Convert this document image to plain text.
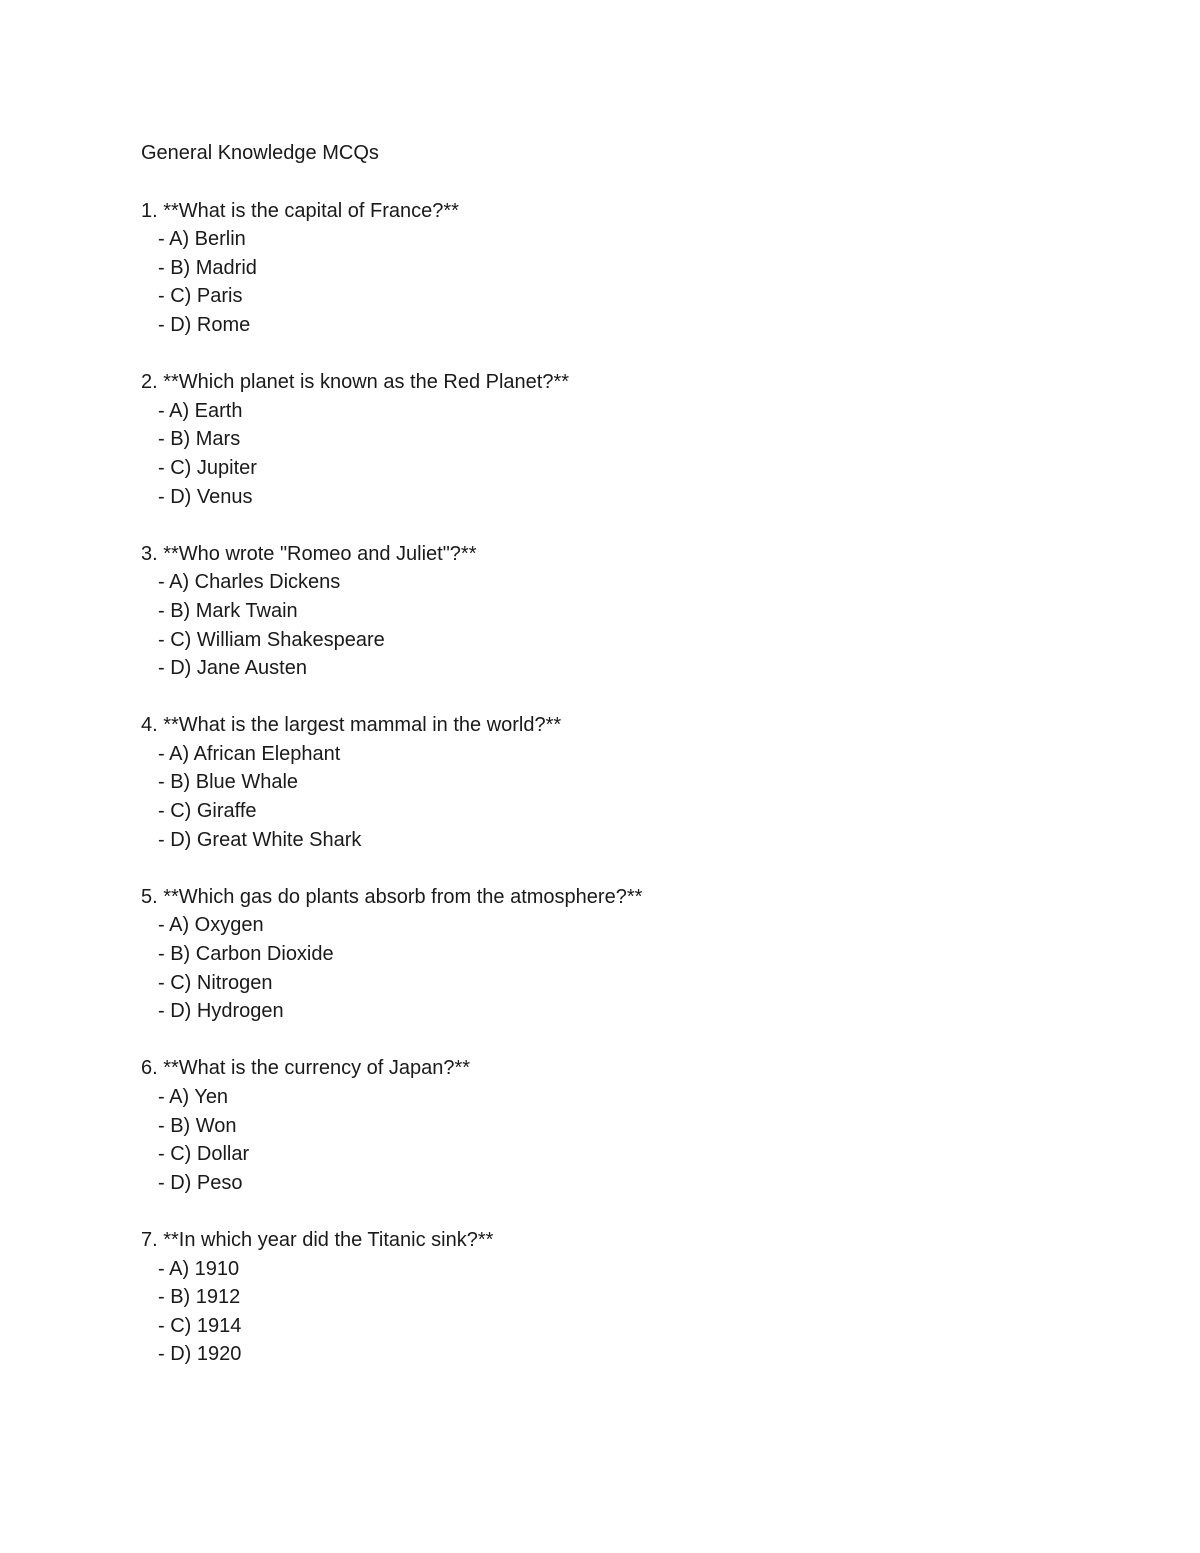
General Knowledge MCQs
1. **What is the capital of France?**
- A) Berlin
- B) Madrid
- C) Paris
- D) Rome
2. **Which planet is known as the Red Planet?**
- A) Earth
- B) Mars
- C) Jupiter
- D) Venus
3. **Who wrote "Romeo and Juliet"?**
- A) Charles Dickens
- B) Mark Twain
- C) William Shakespeare
- D) Jane Austen
4. **What is the largest mammal in the world?**
- A) African Elephant
- B) Blue Whale
- C) Giraffe
- D) Great White Shark
5. **Which gas do plants absorb from the atmosphere?**
- A) Oxygen
- B) Carbon Dioxide
- C) Nitrogen
- D) Hydrogen
6. **What is the currency of Japan?**
- A) Yen
- B) Won
- C) Dollar
- D) Peso
7. **In which year did the Titanic sink?**
- A) 1910
- B) 1912
- C) 1914
- D) 1920
